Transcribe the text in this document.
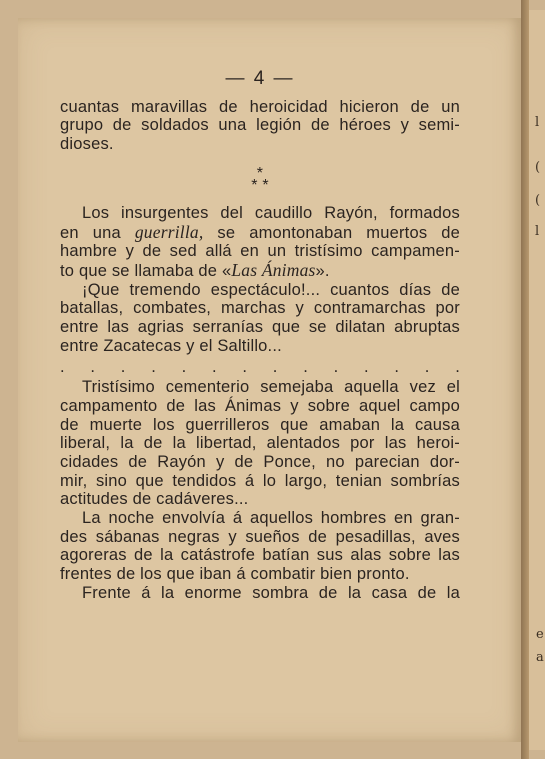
l
(
(
l
e
a
— 4 —
cuantas maravillas de heroicidad hicieron de un
grupo de soldados una legión de héroes y semi-
dioses.
*
* *
Los insurgentes del caudillo Rayón, formados
en una guerrilla, se amontonaban muertos de
hambre y de sed allá en un tristísimo campamen-
to que se llamaba de «Las Ánimas».
¡Que tremendo espectáculo!... cuantos días de
batallas, combates, marchas y contramarchas por
entre las agrias serranías que se dilatan abruptas
entre Zacatecas y el Saltillo...
. . . . . . . . . . . . . .
Tristísimo cementerio semejaba aquella vez el
campamento de las Ánimas y sobre aquel campo
de muerte los guerrilleros que amaban la causa
liberal, la de la libertad, alentados por las heroi-
cidades de Rayón y de Ponce, no parecian dor-
mir, sino que tendidos á lo largo, tenian sombrías
actitudes de cadáveres...
La noche envolvía á aquellos hombres en gran-
des sábanas negras y sueños de pesadillas, aves
agoreras de la catástrofe batían sus alas sobre las
frentes de los que iban á combatir bien pronto.
Frente á la enorme sombra de la casa de la
